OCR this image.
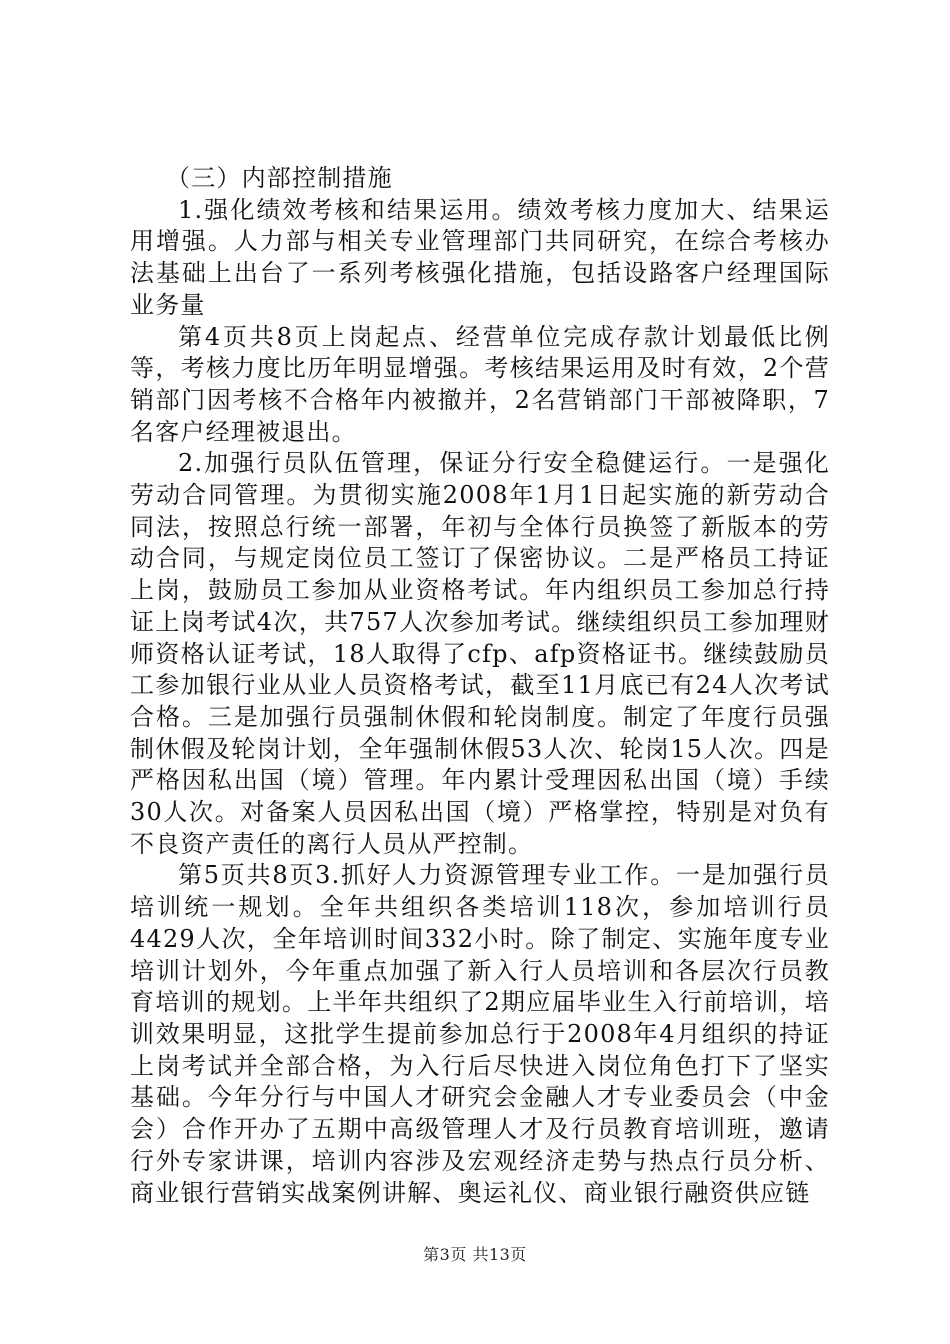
（三）内部控制措施

1.强化绩效考核和结果运用。绩效考核力度加大、结果运用增强。人力部与相关专业管理部门共同研究，在综合考核办法基础上出台了一系列考核强化措施，包括设路客户经理国际业务量

第4页共8页上岗起点、经营单位完成存款计划最低比例等，考核力度比历年明显增强。考核结果运用及时有效，2个营销部门因考核不合格年内被撤并，2名营销部门干部被降职，7名客户经理被退出。

2.加强行员队伍管理，保证分行安全稳健运行。一是强化劳动合同管理。为贯彻实施2008年1月1日起实施的新劳动合同法，按照总行统一部署，年初与全体行员换签了新版本的劳动合同，与规定岗位员工签订了保密协议。二是严格员工持证上岗，鼓励员工参加从业资格考试。年内组织员工参加总行持证上岗考试4次，共757人次参加考试。继续组织员工参加理财师资格认证考试，18人取得了cfp、afp资格证书。继续鼓励员工参加银行业从业人员资格考试，截至11月底已有24人次考试合格。三是加强行员强制休假和轮岗制度。制定了年度行员强制休假及轮岗计划，全年强制休假53人次、轮岗15人次。四是严格因私出国（境）管理。年内累计受理因私出国（境）手续30人次。对备案人员因私出国（境）严格掌控，特别是对负有不良资产责任的离行人员从严控制。

第5页共8页3.抓好人力资源管理专业工作。一是加强行员培训统一规划。全年共组织各类培训118次，参加培训行员4429人次，全年培训时间332小时。除了制定、实施年度专业培训计划外，今年重点加强了新入行人员培训和各层次行员教育培训的规划。上半年共组织了2期应届毕业生入行前培训，培训效果明显，这批学生提前参加总行于2008年4月组织的持证上岗考试并全部合格，为入行后尽快进入岗位角色打下了坚实基础。今年分行与中国人才研究会金融人才专业委员会（中金会）合作开办了五期中高级管理人才及行员教育培训班，邀请行外专家讲课，培训内容涉及宏观经济走势与热点行员分析、商业银行营销实战案例讲解、奥运礼仪、商业银行融资供应链

第3页 共13页
